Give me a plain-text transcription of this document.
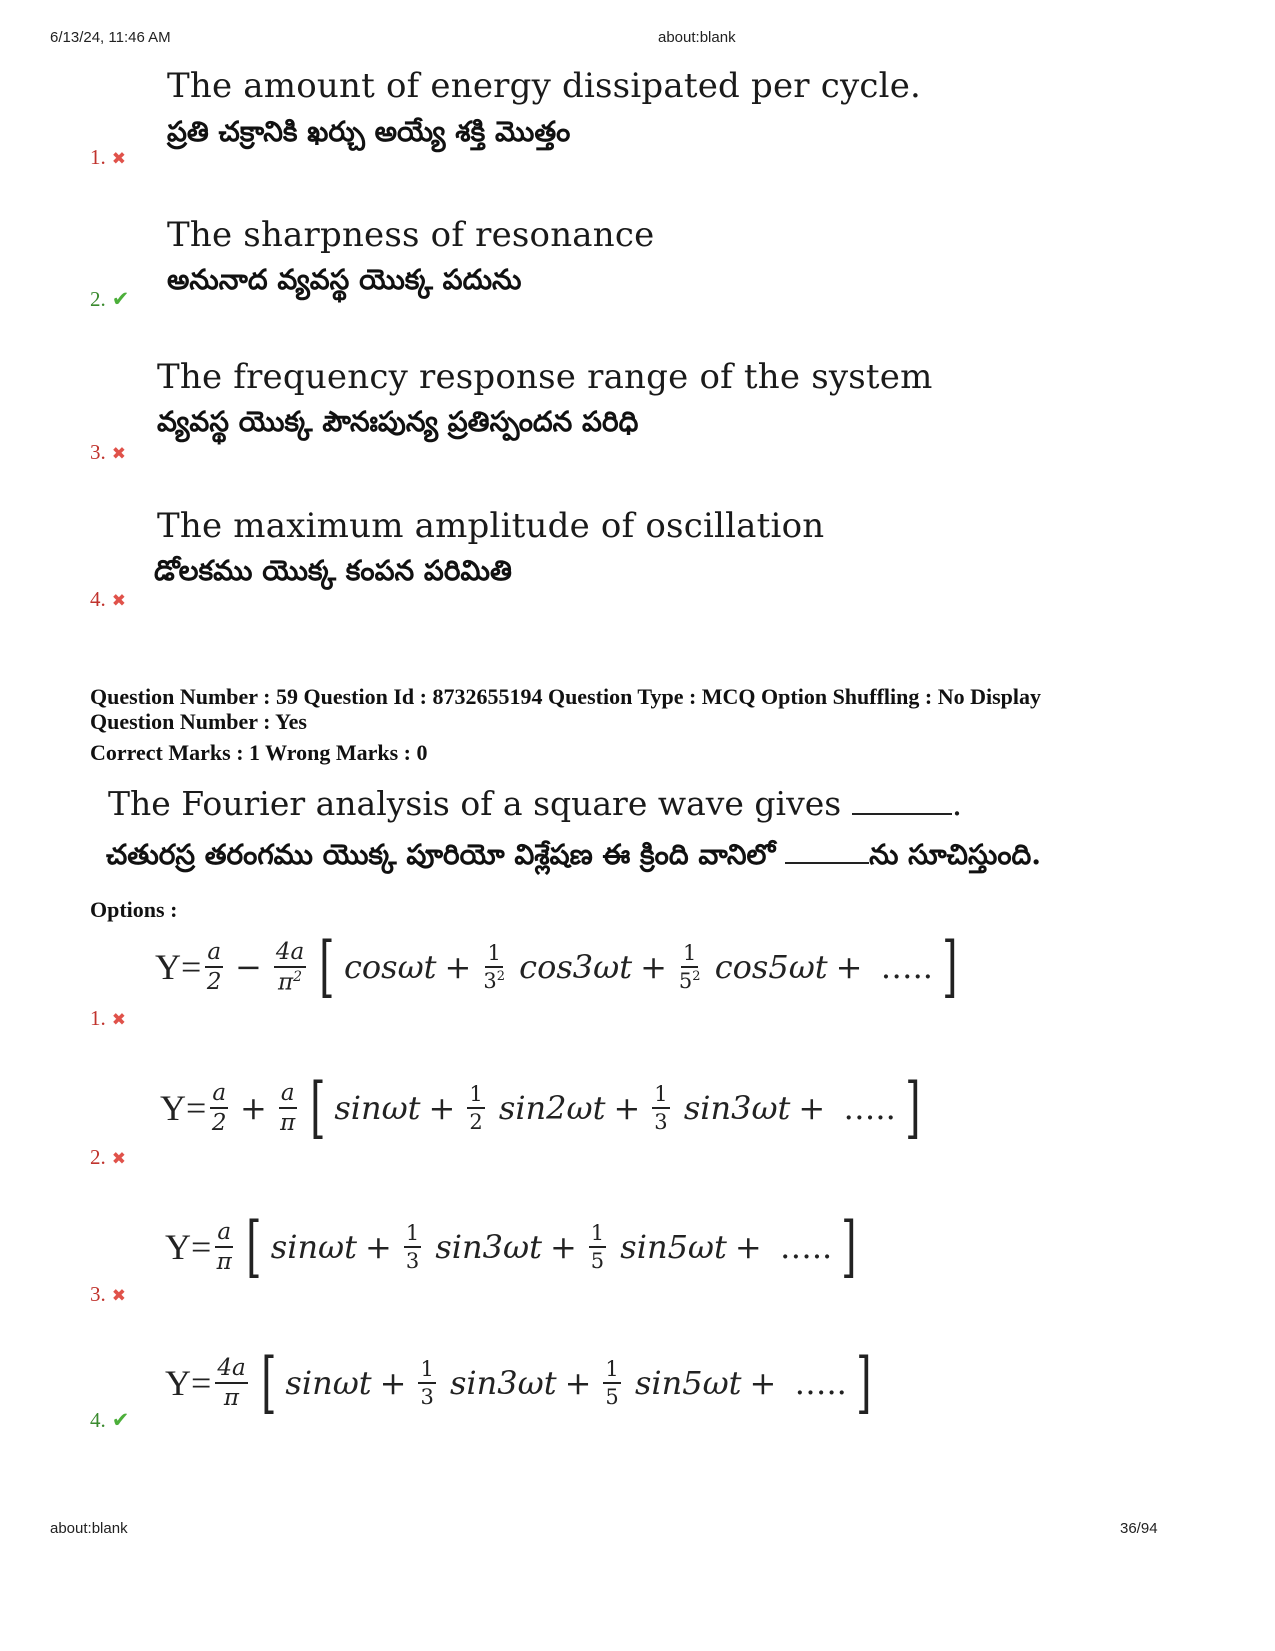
6/13/24, 11:46 AM	about:blank
The amount of energy dissipated per cycle.
ప్రతి చక్రానికి ఖర్చు అయ్యే శక్తి మొత్తం
1. ✖
The sharpness of resonance
అనునాద వ్యవస్థ యొక్క పదును
2. ✔
The frequency response range of the system
వ్యవస్థ యొక్క పౌనఃపున్య ప్రతిస్పందన పరిధి
3. ✖
The maximum amplitude of oscillation
డోలకము యొక్క కంపన పరిమితి
4. ✖
Question Number : 59 Question Id : 8732655194 Question Type : MCQ Option Shuffling : No Display
Question Number : Yes
Correct Marks : 1 Wrong Marks : 0
The Fourier analysis of a square wave gives	.
చతురస్ర తరంగము యొక్క పూరియో విశ్లేషణ ఈ క్రింది వానిలో	ను సూచిస్తుంది.
Options :
$Y= \frac{a}{2} - \frac{4a}{\pi^2}$ [ $\cos\omega t + \frac{1}{3^2} \cos 3\omega t + \frac{1}{5^2} \cos 5\omega t$ + ….. ]
1. ✖
$Y= \frac{a}{2} + \frac{a}{\pi}$ [ $\sin\omega t + \frac{1}{2} \sin 2\omega t + \frac{1}{3} \sin 3\omega t$ + ….. ]
2. ✖
$Y= \frac{a}{\pi}$ [ $\sin\omega t + \frac{1}{3} \sin 3\omega t + \frac{1}{5} \sin 5\omega t$ + ….. ]
3. ✖
$Y= \frac{4a}{\pi}$ [ $\sin\omega t + \frac{1}{3} \sin 3\omega t + \frac{1}{5} \sin 5\omega t$ + ….. ]
4. ✔
about:blank	36/94
